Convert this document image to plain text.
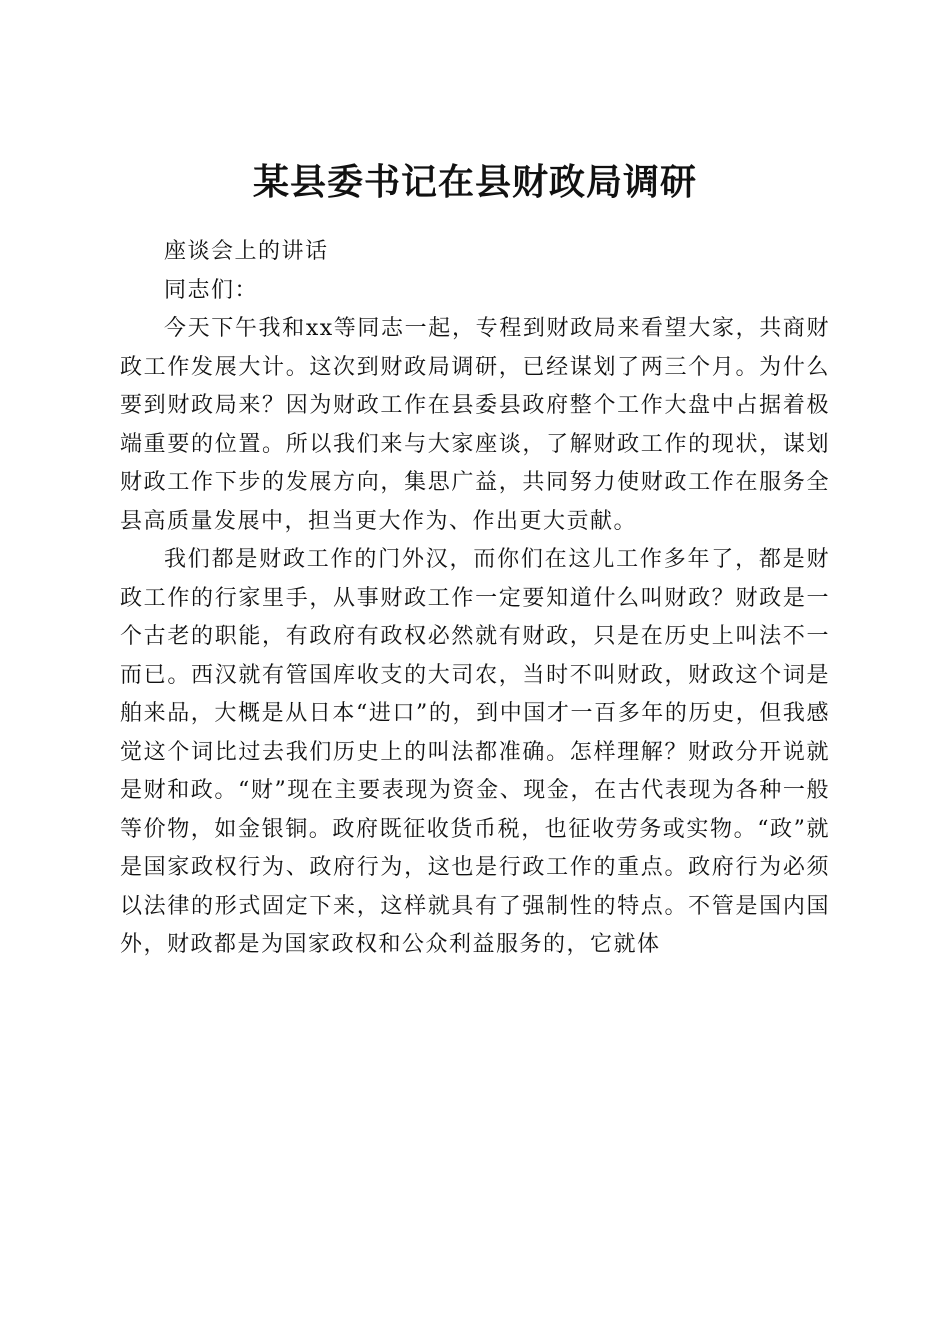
某县委书记在县财政局调研

座谈会上的讲话

同志们：

今天下午我和xx等同志一起，专程到财政局来看望大家，共商财政工作发展大计。这次到财政局调研，已经谋划了两三个月。为什么要到财政局来？因为财政工作在县委县政府整个工作大盘中占据着极端重要的位置。所以我们来与大家座谈，了解财政工作的现状，谋划财政工作下步的发展方向，集思广益，共同努力使财政工作在服务全县高质量发展中，担当更大作为、作出更大贡献。

我们都是财政工作的门外汉，而你们在这儿工作多年了，都是财政工作的行家里手，从事财政工作一定要知道什么叫财政？财政是一个古老的职能，有政府有政权必然就有财政，只是在历史上叫法不一而已。西汉就有管国库收支的大司农，当时不叫财政，财政这个词是舶来品，大概是从日本“进口”的，到中国才一百多年的历史，但我感觉这个词比过去我们历史上的叫法都准确。怎样理解？财政分开说就是财和政。“财”现在主要表现为资金、现金，在古代表现为各种一般等价物，如金银铜。政府既征收货币税，也征收劳务或实物。“政”就是国家政权行为、政府行为，这也是行政工作的重点。政府行为必须以法律的形式固定下来，这样就具有了强制性的特点。不管是国内国外，财政都是为国家政权和公众利益服务的，它就体
